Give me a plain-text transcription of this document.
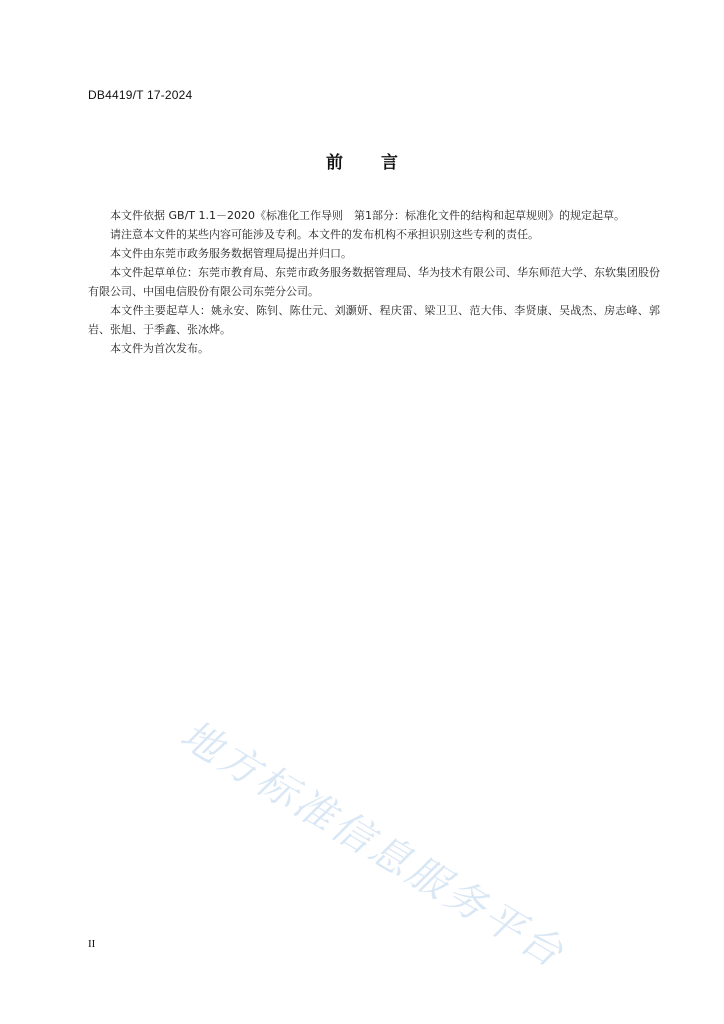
DB4419/T 17-2024
前 言

本文件依据 GB/T 1.1－2020《标准化工作导则　第1部分：标准化文件的结构和起草规则》的规定起草。

请注意本文件的某些内容可能涉及专利。本文件的发布机构不承担识别这些专利的责任。

本文件由东莞市政务服务数据管理局提出并归口。

本文件起草单位：东莞市教育局、东莞市政务服务数据管理局、华为技术有限公司、华东师范大学、东软集团股份有限公司、中国电信股份有限公司东莞分公司。

本文件主要起草人：姚永安、陈钊、陈仕元、刘灏妍、程庆雷、梁卫卫、范大伟、李贤康、吴战杰、房志峰、郭岩、张旭、于季鑫、张冰烨。

本文件为首次发布。

地方标准信息服务平台
II
